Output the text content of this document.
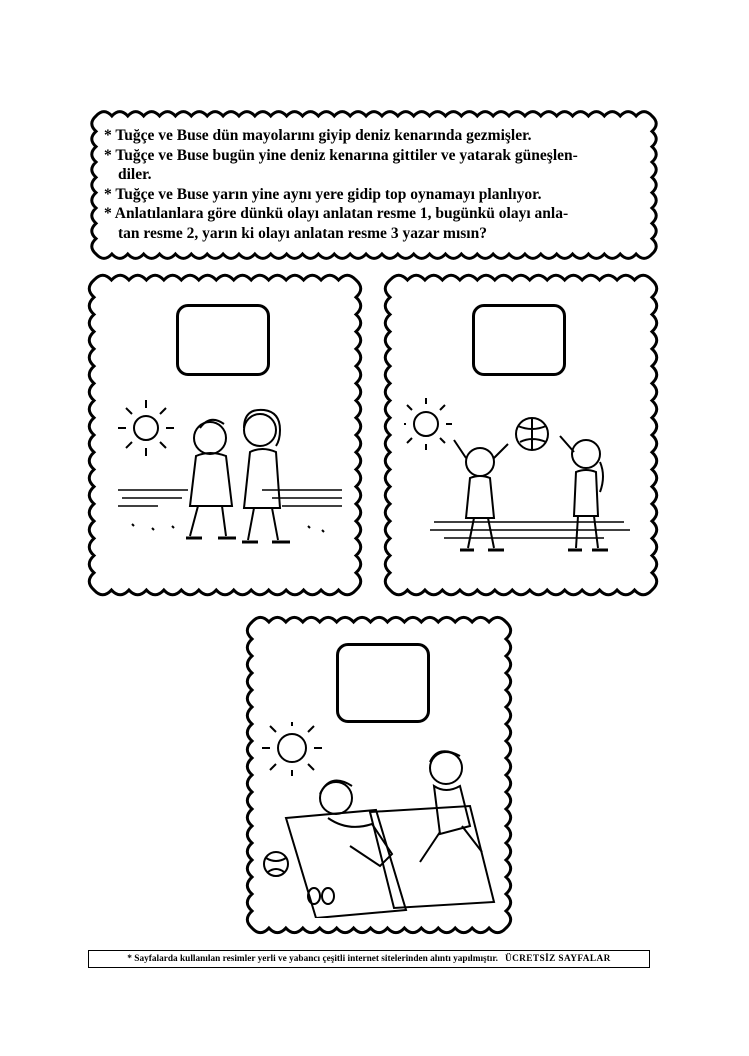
* Tuğçe ve Buse dün mayolarını giyip deniz kenarında gezmişler.

* Tuğçe ve Buse bugün yine deniz kenarına gittiler ve yatarak güneşlen-

diler.

* Tuğçe ve Buse yarın yine aynı yere gidip top oynamayı planlıyor.

* Anlatılanlara göre dünkü olayı anlatan resme 1, bugünkü olayı anla-

tan resme 2, yarın ki olayı anlatan resme 3 yazar mısın?

* Sayfalarda kullanılan resimler yerli ve yabancı çeşitli internet sitelerinden alıntı yapılmıştır. ÜCRETSİZ SAYFALAR
